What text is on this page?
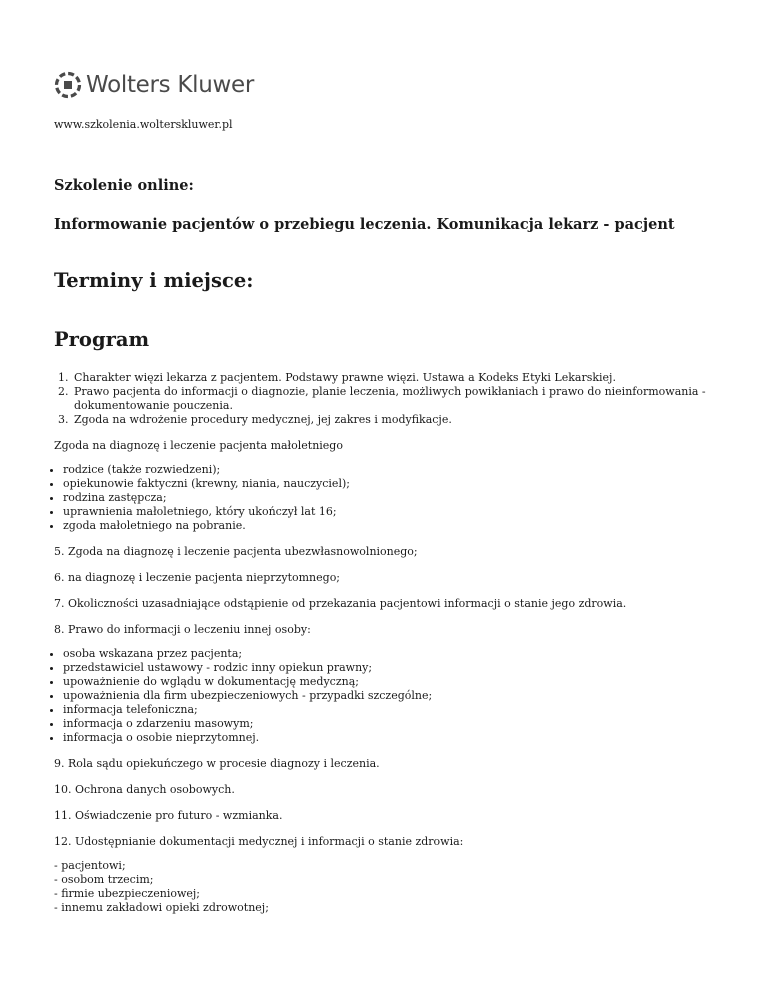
Wolters Kluwer
www.szkolenia.wolterskluwer.pl
Szkolenie online:
Informowanie pacjentów o przebiegu leczenia. Komunikacja lekarz - pacjent
Terminy i miejsce:
Program
1. Charakter więzi lekarza z pacjentem. Podstawy prawne więzi. Ustawa a Kodeks Etyki Lekarskiej.
2. Prawo pacjenta do informacji o diagnozie, planie leczenia, możliwych powikłaniach i prawo do nieinformowania - dokumentowanie pouczenia.
3. Zgoda na wdrożenie procedury medycznej, jej zakres i modyfikacje.

Zgoda na diagnozę i leczenie pacjenta małoletniego

• rodzice (także rozwiedzeni);
• opiekunowie faktyczni (krewny, niania, nauczyciel);
• rodzina zastępcza;
• uprawnienia małoletniego, który ukończył lat 16;
• zgoda małoletniego na pobranie.

5. Zgoda na diagnozę i leczenie pacjenta ubezwłasnowolnionego;

6. na diagnozę i leczenie pacjenta nieprzytomnego;

7. Okoliczności uzasadniające odstąpienie od przekazania pacjentowi informacji o stanie jego zdrowia.

8. Prawo do informacji o leczeniu innej osoby:

• osoba wskazana przez pacjenta;
• przedstawiciel ustawowy - rodzic inny opiekun prawny;
• upoważnienie do wglądu w dokumentację medyczną;
• upoważnienia dla firm ubezpieczeniowych - przypadki szczególne;
• informacja telefoniczna;
• informacja o zdarzeniu masowym;
• informacja o osobie nieprzytomnej.

9. Rola sądu opiekuńczego w procesie diagnozy i leczenia.

10. Ochrona danych osobowych.

11. Oświadczenie pro futuro - wzmianka.

12. Udostępnianie dokumentacji medycznej i informacji o stanie zdrowia:

- pacjentowi;
- osobom trzecim;
- firmie ubezpieczeniowej;
- innemu zakładowi opieki zdrowotnej;
